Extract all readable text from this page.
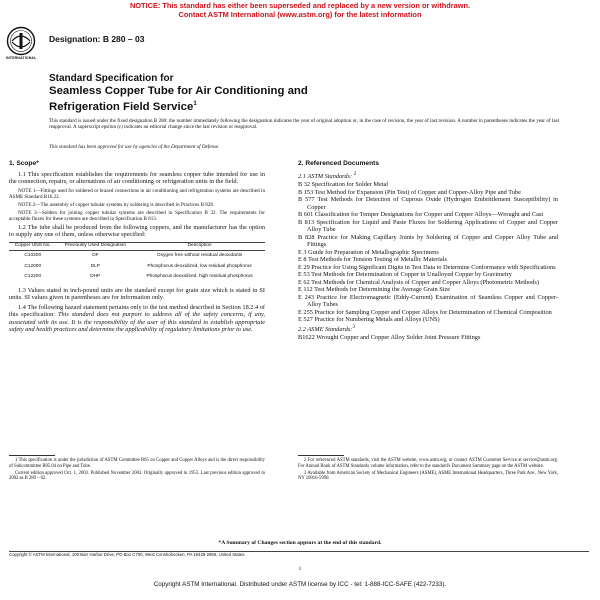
NOTICE: This standard has either been superseded and replaced by a new version or withdrawn.
Contact ASTM International (www.astm.org) for the latest information
INTERNATIONAL
Designation: B 280 – 03
Standard Specification for
Seamless Copper Tube for Air Conditioning and
Refrigeration Field Service$^1$
This standard is issued under the fixed designation B 280; the number immediately following the designation indicates the year of original adoption or, in the case of revision, the year of last revision. A number in parentheses indicates the year of last reapproval. A superscript epsilon (ε) indicates an editorial change since the last revision or reapproval.
This standard has been approved for use by agencies of the Department of Defense.
1. Scope*

1.1 This specification establishes the requirements for seamless copper tube intended for use in the connection, repairs, or alternations of air conditioning or refrigeration units in the field.

NOTE 1—Fittings used for soldered or brazed connections in air conditioning and refrigeration systems are described in ASME Standard B16.22.

NOTE 2—The assembly of copper tubular systems by soldering is described in Practices B 828.

NOTE 3—Solders for joining copper tubular systems are described in Specification B 32. The requirements for acceptable fluxes for these systems are described in Specification B 813.

1.2 The tube shall be produced from the following coppers, and the manufacturer has the option to supply any one of them, unless otherwise specified:

Copper UNS No.	Previously Used Designation	Description
C10200	OF	Oxygen free without residual deoxidants
C12000	DLP	Phosphorus deoxidized, low residual phosphorus
C12200	DHP	Phosphorus deoxidized, high residual phosphorus

1.3 Values stated in inch-pound units are the standard except for grain size which is stated in SI units. SI values given in parentheses are for information only.

1.4 The following hazard statement pertains only to the test method described in Section 18.2.4 of this specification: This standard does not purport to address all of the safety concerns, if any, associated with its use. It is the responsibility of the user of this standard to establish appropriate safety and health practices and determine the applicability of regulatory limitations prior to use.

2. Referenced Documents

2.1 ASTM Standards: $^2$

B 32 Specification for Solder Metal
B 153 Test Method for Expansion (Pin Test) of Copper and Copper-Alloy Pipe and Tube
B 577 Test Methods for Detection of Cuprous Oxide (Hydrogen Embrittlement Susceptibility) in Copper
B 601 Classification for Temper Designations for Copper and Copper Alloys—Wrought and Cast
B 813 Specification for Liquid and Paste Fluxes for Soldering Applications of Copper and Copper Alloy Tube
B 828 Practice for Making Capillary Joints by Soldering of Copper and Copper Alloy Tube and Fittings
E 3 Guide for Preparation of Metallographic Specimens
E 8 Test Methods for Tension Testing of Metallic Materials
E 29 Practice for Using Significant Digits in Test Data to Determine Conformance with Specifications
E 53 Test Methods for Determination of Copper in Unalloyed Copper by Gravimetry
E 62 Test Methods for Chemical Analysis of Copper and Copper Alloys (Photometric Methods)
E 112 Test Methods for Determining the Average Grain Size
E 243 Practice for Electromagnetic (Eddy-Current) Examination of Seamless Copper and Copper-Alloy Tubes
E 255 Practice for Sampling Copper and Copper Alloys for Determination of Chemical Composition
E 527 Practice for Numbering Metals and Alloys (UNS)

2.2 ASME Standards:$^3$

B1622 Wrought Copper and Copper Alloy Solder Joint Pressure Fittings

1 This specification is under the jurisdiction of ASTM Committee B05 on Copper and Copper Alloys and is the direct responsibility of Subcommittee B05.04 on Pipe and Tube.

Current edition approved Oct. 1, 2003. Published November 2003. Originally approved in 1953. Last previous edition approved in 2002 as B 280 – 02.

2 For referenced ASTM standards, visit the ASTM website, www.astm.org, or contact ASTM Customer Service at service@astm.org. For Annual Book of ASTM Standards volume information, refer to the standard's Document Summary page on the ASTM website.

3 Available from American Society of Mechanical Engineers (ASME), ASME International Headquarters, Three Park Ave., New York, NY 10016-5990.

*A Summary of Changes section appears at the end of this standard.
Copyright © ASTM International, 100 Barr Harbor Drive, PO Box C700, West Conshohocken, PA 19428-2959, United States.
1
Copyright ASTM International. Distributed under ASTM license by ICC - tel: 1-888-ICC-SAFE (422-7233).
